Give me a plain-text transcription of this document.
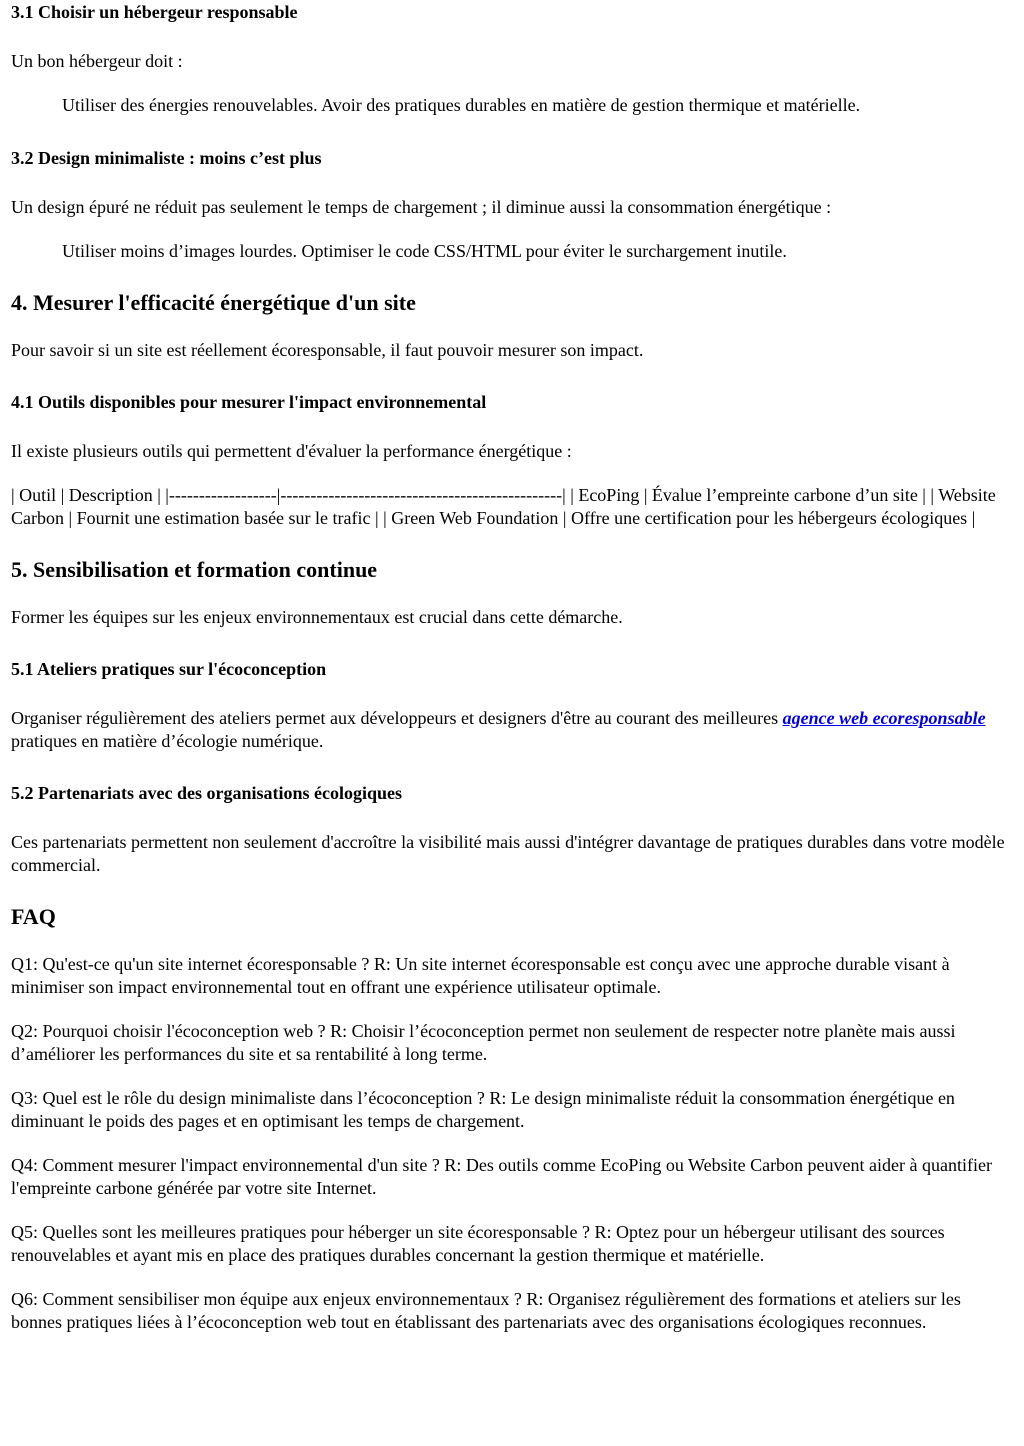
3.1 Choisir un hébergeur responsable

Un bon hébergeur doit :

Utiliser des énergies renouvelables. Avoir des pratiques durables en matière de gestion thermique et matérielle.

3.2 Design minimaliste : moins c’est plus

Un design épuré ne réduit pas seulement le temps de chargement ; il diminue aussi la consommation énergétique :

Utiliser moins d’images lourdes. Optimiser le code CSS/HTML pour éviter le surchargement inutile.

4. Mesurer l'efficacité énergétique d'un site

Pour savoir si un site est réellement écoresponsable, il faut pouvoir mesurer son impact.

4.1 Outils disponibles pour mesurer l'impact environnemental

Il existe plusieurs outils qui permettent d'évaluer la performance énergétique :

| Outil | Description | |------------------|-----------------------------------------------| | EcoPing | Évalue l’empreinte carbone d’un site | | Website Carbon | Fournit une estimation basée sur le trafic | | Green Web Foundation | Offre une certification pour les hébergeurs écologiques |

5. Sensibilisation et formation continue

Former les équipes sur les enjeux environnementaux est crucial dans cette démarche.

5.1 Ateliers pratiques sur l'écoconception

Organiser régulièrement des ateliers permet aux développeurs et designers d'être au courant des meilleures agence web ecoresponsable pratiques en matière d’écologie numérique.

5.2 Partenariats avec des organisations écologiques

Ces partenariats permettent non seulement d'accroître la visibilité mais aussi d'intégrer davantage de pratiques durables dans votre modèle commercial.

FAQ

Q1: Qu'est-ce qu'un site internet écoresponsable ? R: Un site internet écoresponsable est conçu avec une approche durable visant à minimiser son impact environnemental tout en offrant une expérience utilisateur optimale.

Q2: Pourquoi choisir l'écoconception web ? R: Choisir l’écoconception permet non seulement de respecter notre planète mais aussi d’améliorer les performances du site et sa rentabilité à long terme.

Q3: Quel est le rôle du design minimaliste dans l’écoconception ? R: Le design minimaliste réduit la consommation énergétique en diminuant le poids des pages et en optimisant les temps de chargement.

Q4: Comment mesurer l'impact environnemental d'un site ? R: Des outils comme EcoPing ou Website Carbon peuvent aider à quantifier l'empreinte carbone générée par votre site Internet.

Q5: Quelles sont les meilleures pratiques pour héberger un site écoresponsable ? R: Optez pour un hébergeur utilisant des sources renouvelables et ayant mis en place des pratiques durables concernant la gestion thermique et matérielle.

Q6: Comment sensibiliser mon équipe aux enjeux environnementaux ? R: Organisez régulièrement des formations et ateliers sur les bonnes pratiques liées à l’écoconception web tout en établissant des partenariats avec des organisations écologiques reconnues.
